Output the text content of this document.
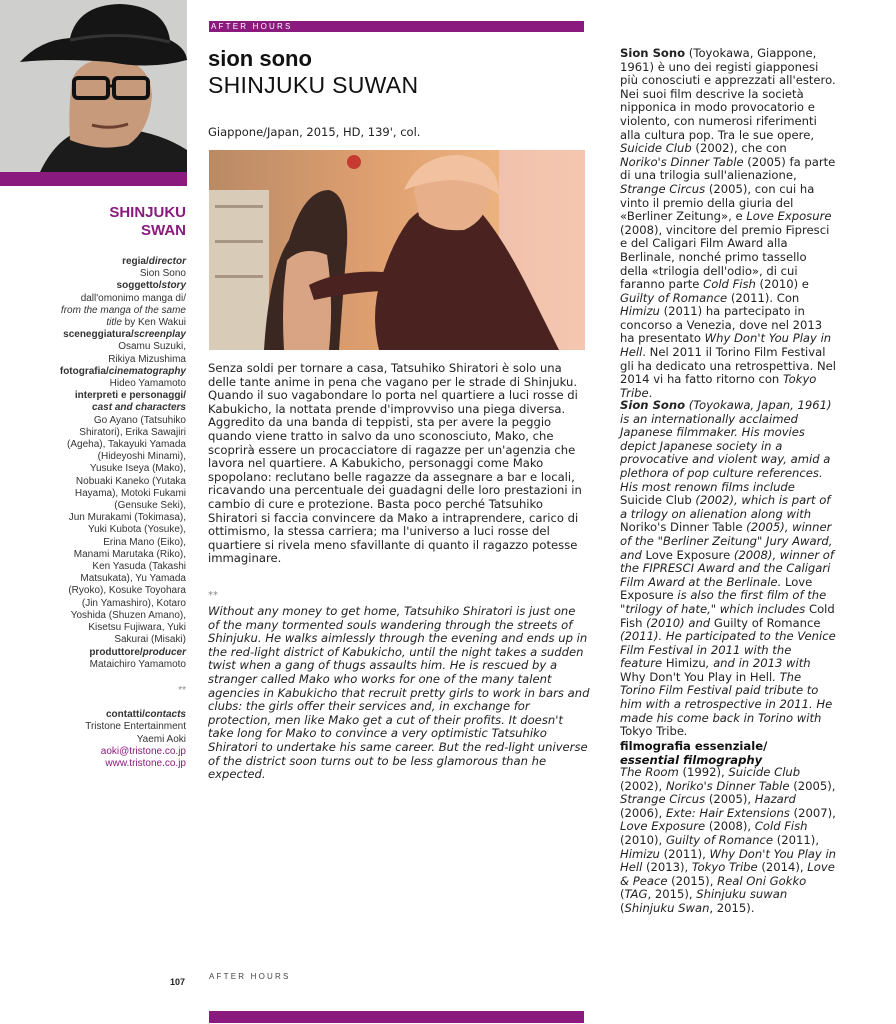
SHINJUKU
SWAN
regia/director
Sion Sono
soggetto/story
dall'omonimo manga di/
from the manga of the same
title by Ken Wakui
sceneggiatura/screenplay
Osamu Suzuki,
Rikiya Mizushima
fotografia/cinematography
Hideo Yamamoto
interpreti e personaggi/
cast and characters
Go Ayano (Tatsuhiko
Shiratori), Erika Sawajiri
(Ageha), Takayuki Yamada
(Hideyoshi Minami),
Yusuke Iseya (Mako),
Nobuaki Kaneko (Yutaka
Hayama), Motoki Fukami
(Gensuke Seki),
Jun Murakami (Tokimasa),
Yuki Kubota (Yosuke),
Erina Mano (Eiko),
Manami Marutaka (Riko),
Ken Yasuda (Takashi
Matsukata), Yu Yamada
(Ryoko), Kosuke Toyohara
(Jin Yamashiro), Kotaro
Yoshida (Shuzen Amano),
Kisetsu Fujiwara, Yuki
Sakurai (Misaki)
produttore/producer
Mataichiro Yamamoto
**
contatti/contacts
Tristone Entertainment
Yaemi Aoki
aoki@tristone.co.jp
www.tristone.co.jp
AFTER HOURS
sion sono
SHINJUKU SUWAN
Giappone/Japan, 2015, HD, 139', col.
Senza soldi per tornare a casa, Tatsuhiko Shiratori è solo una delle tante anime in pena che vagano per le strade di Shinjuku. Quando il suo vagabondare lo porta nel quartiere a luci rosse di Kabukicho, la nottata prende d'improvviso una piega diversa. Aggredito da una banda di teppisti, sta per avere la peggio quando viene tratto in salvo da uno sconosciuto, Mako, che scoprirà essere un procacciatore di ragazze per un'agenzia che lavora nel quartiere. A Kabukicho, personaggi come Mako spopolano: reclutano belle ragazze da assegnare a bar e locali, ricavando una percentuale dei guadagni delle loro prestazioni in cambio di cure e protezione. Basta poco perché Tatsuhiko Shiratori si faccia convincere da Mako a intraprendere, carico di ottimismo, la stessa carriera; ma l'universo a luci rosse del quartiere si rivela meno sfavillante di quanto il ragazzo potesse immaginare.
**
Without any money to get home, Tatsuhiko Shiratori is just one of the many tormented souls wandering through the streets of Shinjuku. He walks aimlessly through the evening and ends up in the red-light district of Kabukicho, until the night takes a sudden twist when a gang of thugs assaults him. He is rescued by a stranger called Mako who works for one of the many talent agencies in Kabukicho that recruit pretty girls to work in bars and clubs: the girls offer their services and, in exchange for protection, men like Mako get a cut of their profits. It doesn't take long for Mako to convince a very optimistic Tatsuhiko Shiratori to undertake his same career. But the red-light universe of the district soon turns out to be less glamorous than he expected.
Sion Sono (Toyokawa, Giappone, 1961) è uno dei registi giapponesi più conosciuti e apprezzati all'estero. Nei suoi film descrive la società nipponica in modo provocatorio e violento, con numerosi riferimenti alla cultura pop. Tra le sue opere, Suicide Club (2002), che con Noriko's Dinner Table (2005) fa parte di una trilogia sull'alienazione, Strange Circus (2005), con cui ha vinto il premio della giuria del «Berliner Zeitung», e Love Exposure (2008), vincitore del premio Fipresci e del Caligari Film Award alla Berlinale, nonché primo tassello della «trilogia dell'odio», di cui faranno parte Cold Fish (2010) e Guilty of Romance (2011). Con Himizu (2011) ha partecipato in concorso a Venezia, dove nel 2013 ha presentato Why Don't You Play in Hell. Nel 2011 il Torino Film Festival gli ha dedicato una retrospettiva. Nel 2014 vi ha fatto ritorno con Tokyo Tribe.
Sion Sono (Toyokawa, Japan, 1961) is an internationally acclaimed Japanese filmmaker. His movies depict Japanese society in a provocative and violent way, amid a plethora of pop culture references. His most renown films include Suicide Club (2002), which is part of a trilogy on alienation along with Noriko's Dinner Table (2005), winner of the "Berliner Zeitung" Jury Award, and Love Exposure (2008), winner of the FIPRESCI Award and the Caligari Film Award at the Berlinale. Love Exposure is also the first film of the "trilogy of hate," which includes Cold Fish (2010) and Guilty of Romance (2011). He participated to the Venice Film Festival in 2011 with the feature Himizu, and in 2013 with Why Don't You Play in Hell. The Torino Film Festival paid tribute to him with a retrospective in 2011. He made his come back in Torino with Tokyo Tribe.
filmografia essenziale/
essential filmography
The Room (1992), Suicide Club (2002), Noriko's Dinner Table (2005), Strange Circus (2005), Hazard (2006), Exte: Hair Extensions (2007), Love Exposure (2008), Cold Fish (2010), Guilty of Romance (2011), Himizu (2011), Why Don't You Play in Hell (2013), Tokyo Tribe (2014), Love & Peace (2015), Real Oni Gokko (TAG, 2015), Shinjuku suwan (Shinjuku Swan, 2015).
107
AFTER HOURS
